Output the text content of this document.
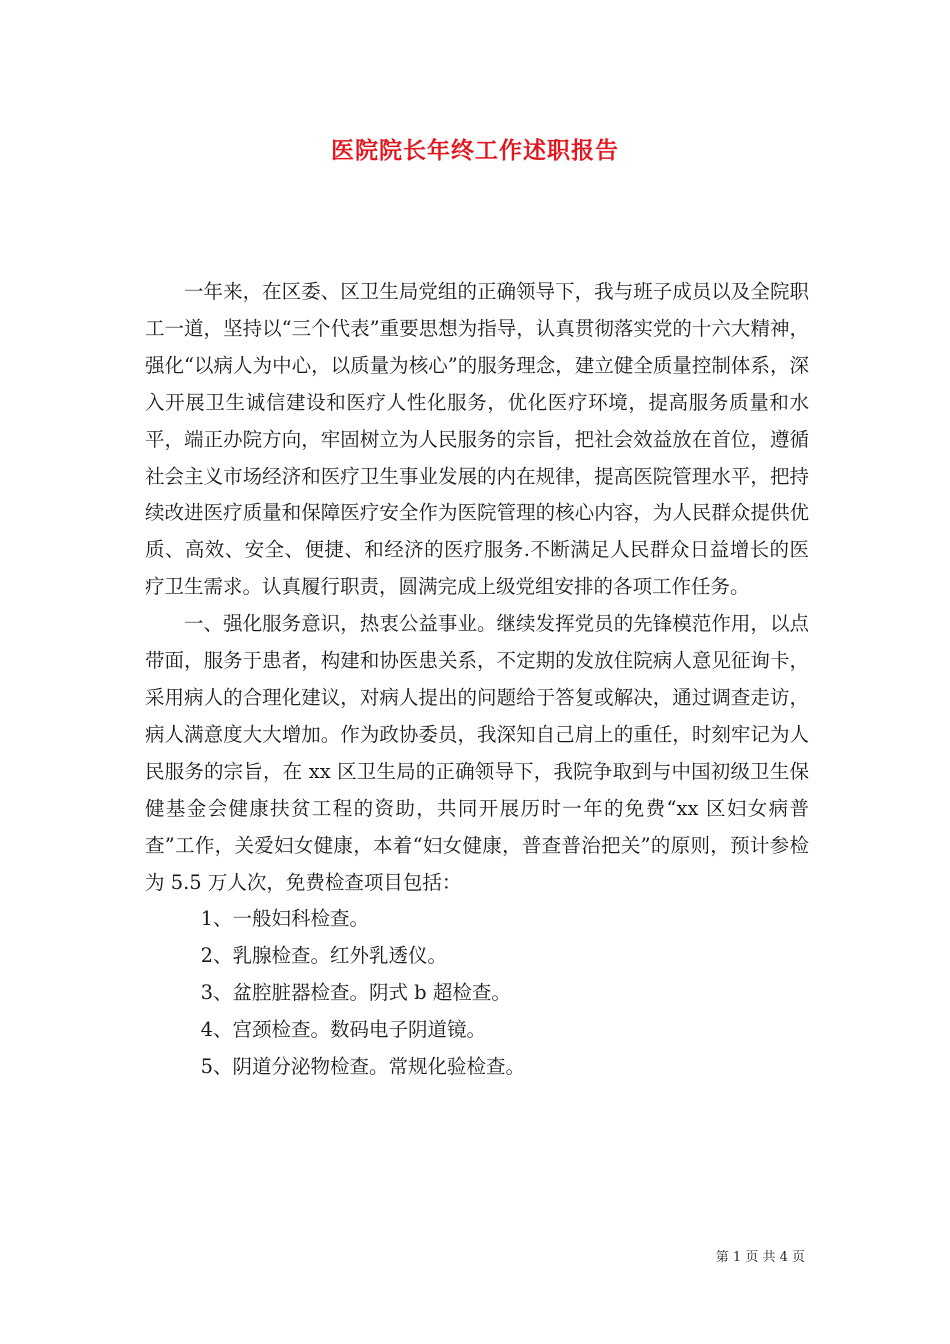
医院院长年终工作述职报告

一年来，在区委、区卫生局党组的正确领导下，我与班子成员以及全院职工一道，坚持以“三个代表”重要思想为指导，认真贯彻落实党的十六大精神，强化“以病人为中心，以质量为核心”的服务理念，建立健全质量控制体系，深入开展卫生诚信建设和医疗人性化服务，优化医疗环境，提高服务质量和水平，端正办院方向，牢固树立为人民服务的宗旨，把社会效益放在首位，遵循社会主义市场经济和医疗卫生事业发展的内在规律，提高医院管理水平，把持续改进医疗质量和保障医疗安全作为医院管理的核心内容，为人民群众提供优质、高效、安全、便捷、和经济的医疗服务.不断满足人民群众日益增长的医疗卫生需求。认真履行职责，圆满完成上级党组安排的各项工作任务。

一、强化服务意识，热衷公益事业。继续发挥党员的先锋模范作用，以点带面，服务于患者，构建和协医患关系，不定期的发放住院病人意见征询卡，采用病人的合理化建议，对病人提出的问题给于答复或解决，通过调查走访，病人满意度大大增加。作为政协委员，我深知自己肩上的重任，时刻牢记为人民服务的宗旨，在 xx 区卫生局的正确领导下，我院争取到与中国初级卫生保健基金会健康扶贫工程的资助，共同开展历时一年的免费“xx 区妇女病普查”工作，关爱妇女健康，本着“妇女健康，普查普治把关”的原则，预计参检为 5.5 万人次，免费检查项目包括：

1、一般妇科检查。
2、乳腺检查。红外乳透仪。
3、盆腔脏器检查。阴式 b 超检查。
4、宫颈检查。数码电子阴道镜。
5、阴道分泌物检查。常规化验检查。
第 1 页 共 4 页
